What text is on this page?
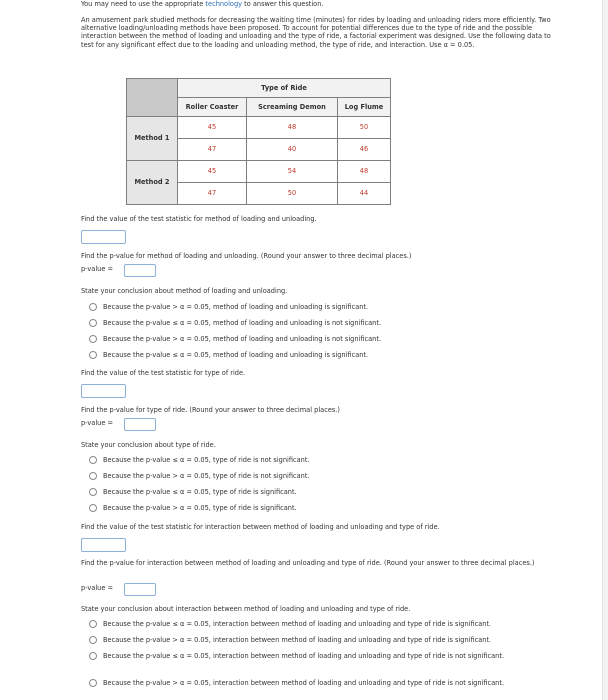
You may need to use the appropriate technology to answer this question.
An amusement park studied methods for decreasing the waiting time (minutes) for rides by loading and unloading riders more efficiently. Two alternative loading/unloading methods have been proposed. To account for potential differences due to the type of ride and the possible interaction between the method of loading and unloading and the type of ride, a factorial experiment was designed. Use the following data to test for any significant effect due to the loading and unloading method, the type of ride, and interaction. Use α = 0.05.
	Type of Ride		
	Roller Coaster	Screaming Demon	Log Flume
Method 1	45	48	50
	47	40	46
Method 2	45	54	48
	47	50	44
Find the value of the test statistic for method of loading and unloading.
Find the p-value for method of loading and unloading. (Round your answer to three decimal places.)
p-value =
State your conclusion about method of loading and unloading.
Because the p-value > α = 0.05, method of loading and unloading is significant.
Because the p-value ≤ α = 0.05, method of loading and unloading is not significant.
Because the p-value > α = 0.05, method of loading and unloading is not significant.
Because the p-value ≤ α = 0.05, method of loading and unloading is significant.
Find the value of the test statistic for type of ride.
Find the p-value for type of ride. (Round your answer to three decimal places.)
p-value =
State your conclusion about type of ride.
Because the p-value ≤ α = 0.05, type of ride is not significant.
Because the p-value > α = 0.05, type of ride is not significant.
Because the p-value ≤ α = 0.05, type of ride is significant.
Because the p-value > α = 0.05, type of ride is significant.
Find the value of the test statistic for interaction between method of loading and unloading and type of ride.
Find the p-value for interaction between method of loading and unloading and type of ride. (Round your answer to three decimal places.)
p-value =
State your conclusion about interaction between method of loading and unloading and type of ride.
Because the p-value ≤ α = 0.05, interaction between method of loading and unloading and type of ride is significant.
Because the p-value > α = 0.05, interaction between method of loading and unloading and type of ride is significant.
Because the p-value ≤ α = 0.05, interaction between method of loading and unloading and type of ride is not significant.
Because the p-value > α = 0.05, interaction between method of loading and unloading and type of ride is not significant.
